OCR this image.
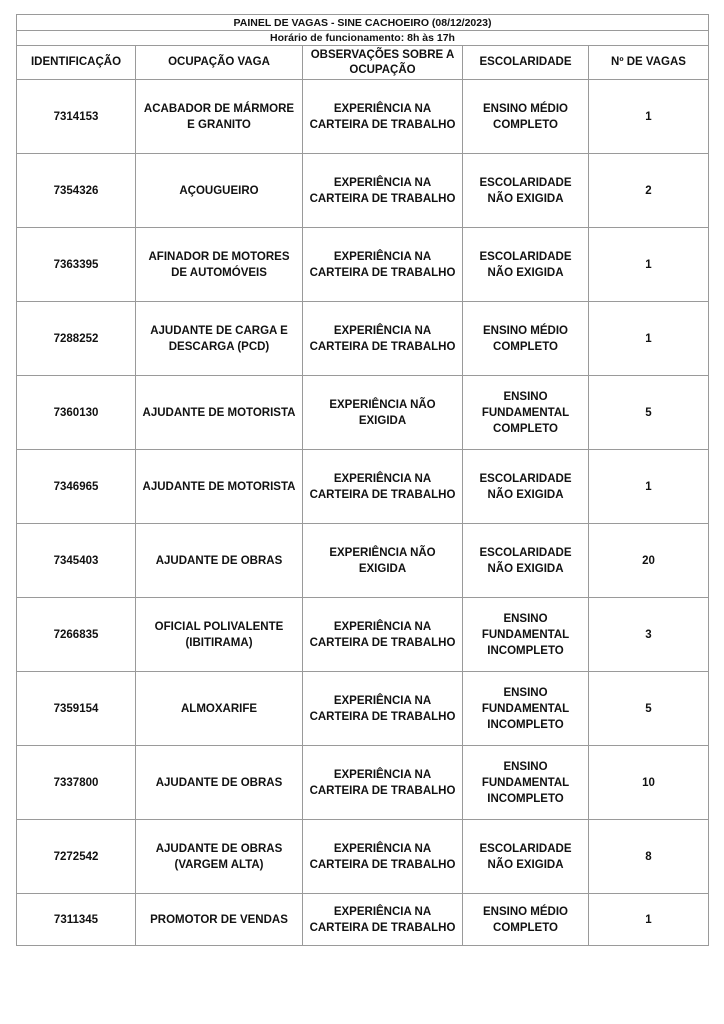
PAINEL DE VAGAS - SINE CACHOEIRO (08/12/2023)				
Horário de funcionamento: 8h às 17h				
IDENTIFICAÇÃO	OCUPAÇÃO VAGA	OBSERVAÇÕES SOBRE A OCUPAÇÃO	ESCOLARIDADE	Nº DE VAGAS
7314153	ACABADOR DE MÁRMORE E GRANITO	EXPERIÊNCIA NA CARTEIRA DE TRABALHO	ENSINO MÉDIO COMPLETO	1
7354326	AÇOUGUEIRO	EXPERIÊNCIA NA CARTEIRA DE TRABALHO	ESCOLARIDADE NÃO EXIGIDA	2
7363395	AFINADOR DE MOTORES DE AUTOMÓVEIS	EXPERIÊNCIA NA CARTEIRA DE TRABALHO	ESCOLARIDADE NÃO EXIGIDA	1
7288252	AJUDANTE DE CARGA E DESCARGA (PCD)	EXPERIÊNCIA NA CARTEIRA DE TRABALHO	ENSINO MÉDIO COMPLETO	1
7360130	AJUDANTE DE MOTORISTA	EXPERIÊNCIA NÃO EXIGIDA	ENSINO FUNDAMENTAL COMPLETO	5
7346965	AJUDANTE DE MOTORISTA	EXPERIÊNCIA NA CARTEIRA DE TRABALHO	ESCOLARIDADE NÃO EXIGIDA	1
7345403	AJUDANTE DE OBRAS	EXPERIÊNCIA NÃO EXIGIDA	ESCOLARIDADE NÃO EXIGIDA	20
7266835	OFICIAL POLIVALENTE (IBITIRAMA)	EXPERIÊNCIA NA CARTEIRA DE TRABALHO	ENSINO FUNDAMENTAL INCOMPLETO	3
7359154	ALMOXARIFE	EXPERIÊNCIA NA CARTEIRA DE TRABALHO	ENSINO FUNDAMENTAL INCOMPLETO	5
7337800	AJUDANTE DE OBRAS	EXPERIÊNCIA NA CARTEIRA DE TRABALHO	ENSINO FUNDAMENTAL INCOMPLETO	10
7272542	AJUDANTE DE OBRAS (VARGEM ALTA)	EXPERIÊNCIA NA CARTEIRA DE TRABALHO	ESCOLARIDADE NÃO EXIGIDA	8
7311345	PROMOTOR DE VENDAS	EXPERIÊNCIA NA CARTEIRA DE TRABALHO	ENSINO MÉDIO COMPLETO	1
